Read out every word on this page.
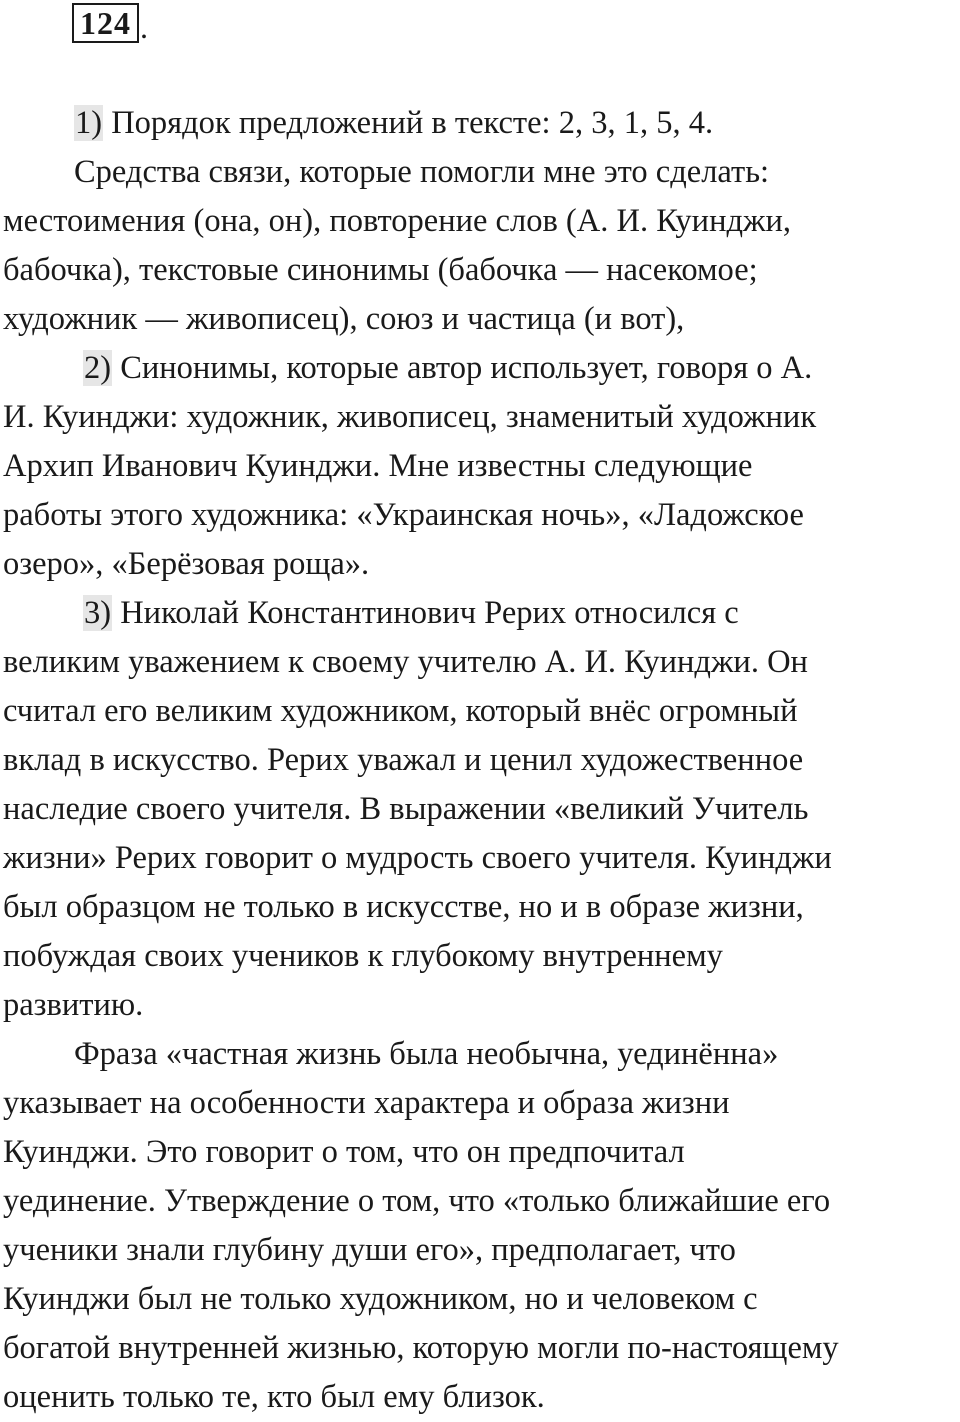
124 .
1) Порядок предложений в тексте: 2, 3, 1, 5, 4.
Средства связи, которые помогли мне это сделать:
местоимения (она, он), повторение слов (А. И. Куинджи,
бабочка), текстовые синонимы (бабочка — насекомое;
художник — живописец), союз и частица (и вот),
2) Синонимы, которые автор использует, говоря о А.
И. Куинджи: художник, живописец, знаменитый художник
Архип Иванович Куинджи. Мне известны следующие
работы этого художника: «Украинская ночь», «Ладожское
озеро», «Берёзовая роща».
3) Николай Константинович Рерих относился с
великим уважением к своему учителю А. И. Куинджи. Он
считал его великим художником, который внёс огромный
вклад в искусство. Рерих уважал и ценил художественное
наследие своего учителя. В выражении «великий Учитель
жизни» Рерих говорит о мудрость своего учителя. Куинджи
был образцом не только в искусстве, но и в образе жизни,
побуждая своих учеников к глубокому внутреннему
развитию.
Фраза «частная жизнь была необычна, уединённа»
указывает на особенности характера и образа жизни
Куинджи. Это говорит о том, что он предпочитал
уединение. Утверждение о том, что «только ближайшие его
ученики знали глубину души его», предполагает, что
Куинджи был не только художником, но и человеком с
богатой внутренней жизнью, которую могли по-настоящему
оценить только те, кто был ему близок.
